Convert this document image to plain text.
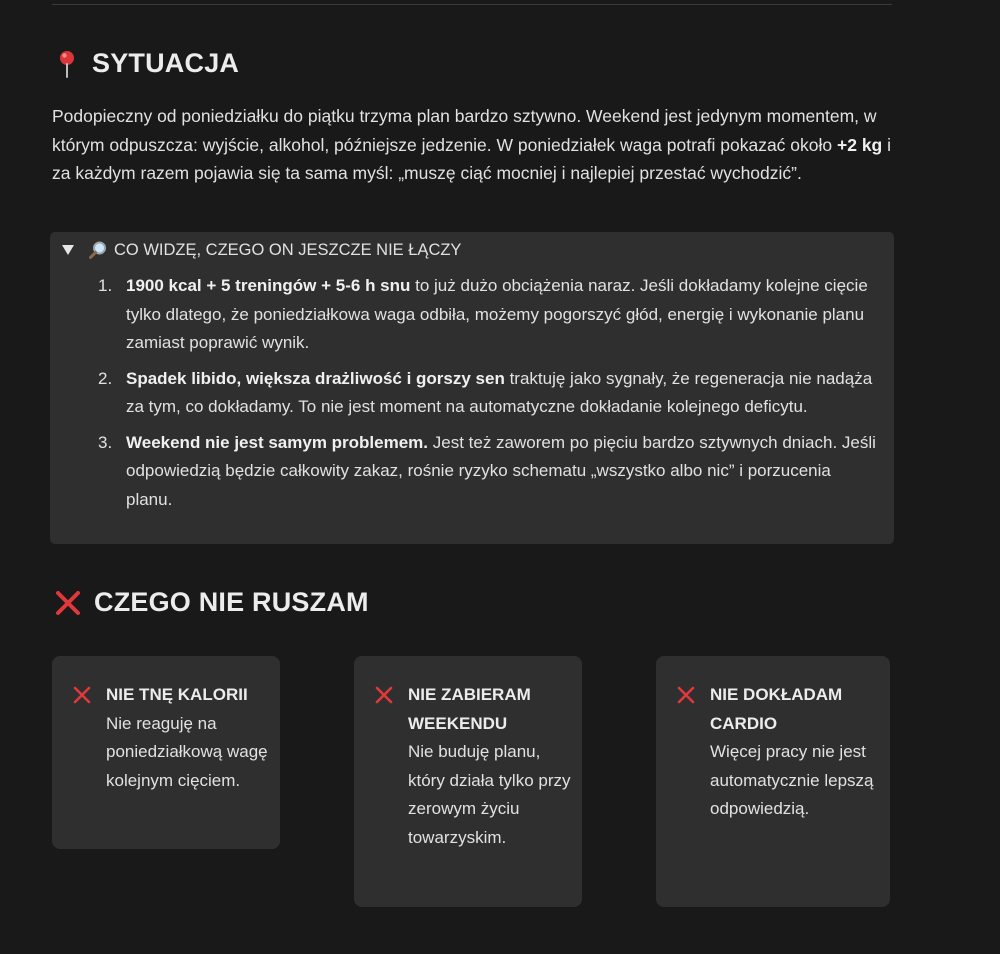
SYTUACJA
Podopieczny od poniedziałku do piątku trzyma plan bardzo sztywno. Weekend jest jedynym momentem, w którym odpuszcza: wyjście, alkohol, późniejsze jedzenie. W poniedziałek waga potrafi pokazać około +2 kg i za każdym razem pojawia się ta sama myśl: „muszę ciąć mocniej i najlepiej przestać wychodzić”.
CO WIDZĘ, CZEGO ON JESZCZE NIE ŁĄCZY
1. 1900 kcal + 5 treningów + 5-6 h snu to już dużo obciążenia naraz. Jeśli dokładamy kolejne cięcie tylko dlatego, że poniedziałkowa waga odbiła, możemy pogorszyć głód, energię i wykonanie planu zamiast poprawić wynik.
2. Spadek libido, większa drażliwość i gorszy sen traktuję jako sygnały, że regeneracja nie nadąża za tym, co dokładamy. To nie jest moment na automatyczne dokładanie kolejnego deficytu.
3. Weekend nie jest samym problemem. Jest też zaworem po pięciu bardzo sztywnych dniach. Jeśli odpowiedzią będzie całkowity zakaz, rośnie ryzyko schematu „wszystko albo nic” i porzucenia planu.
CZEGO NIE RUSZAM
NIE TNĘ KALORII
Nie reaguję na poniedziałkową wagę kolejnym cięciem.
NIE ZABIERAM WEEKENDU
Nie buduję planu, który działa tylko przy zerowym życiu towarzyskim.
NIE DOKŁADAM CARDIO
Więcej pracy nie jest automatycznie lepszą odpowiedzią.
